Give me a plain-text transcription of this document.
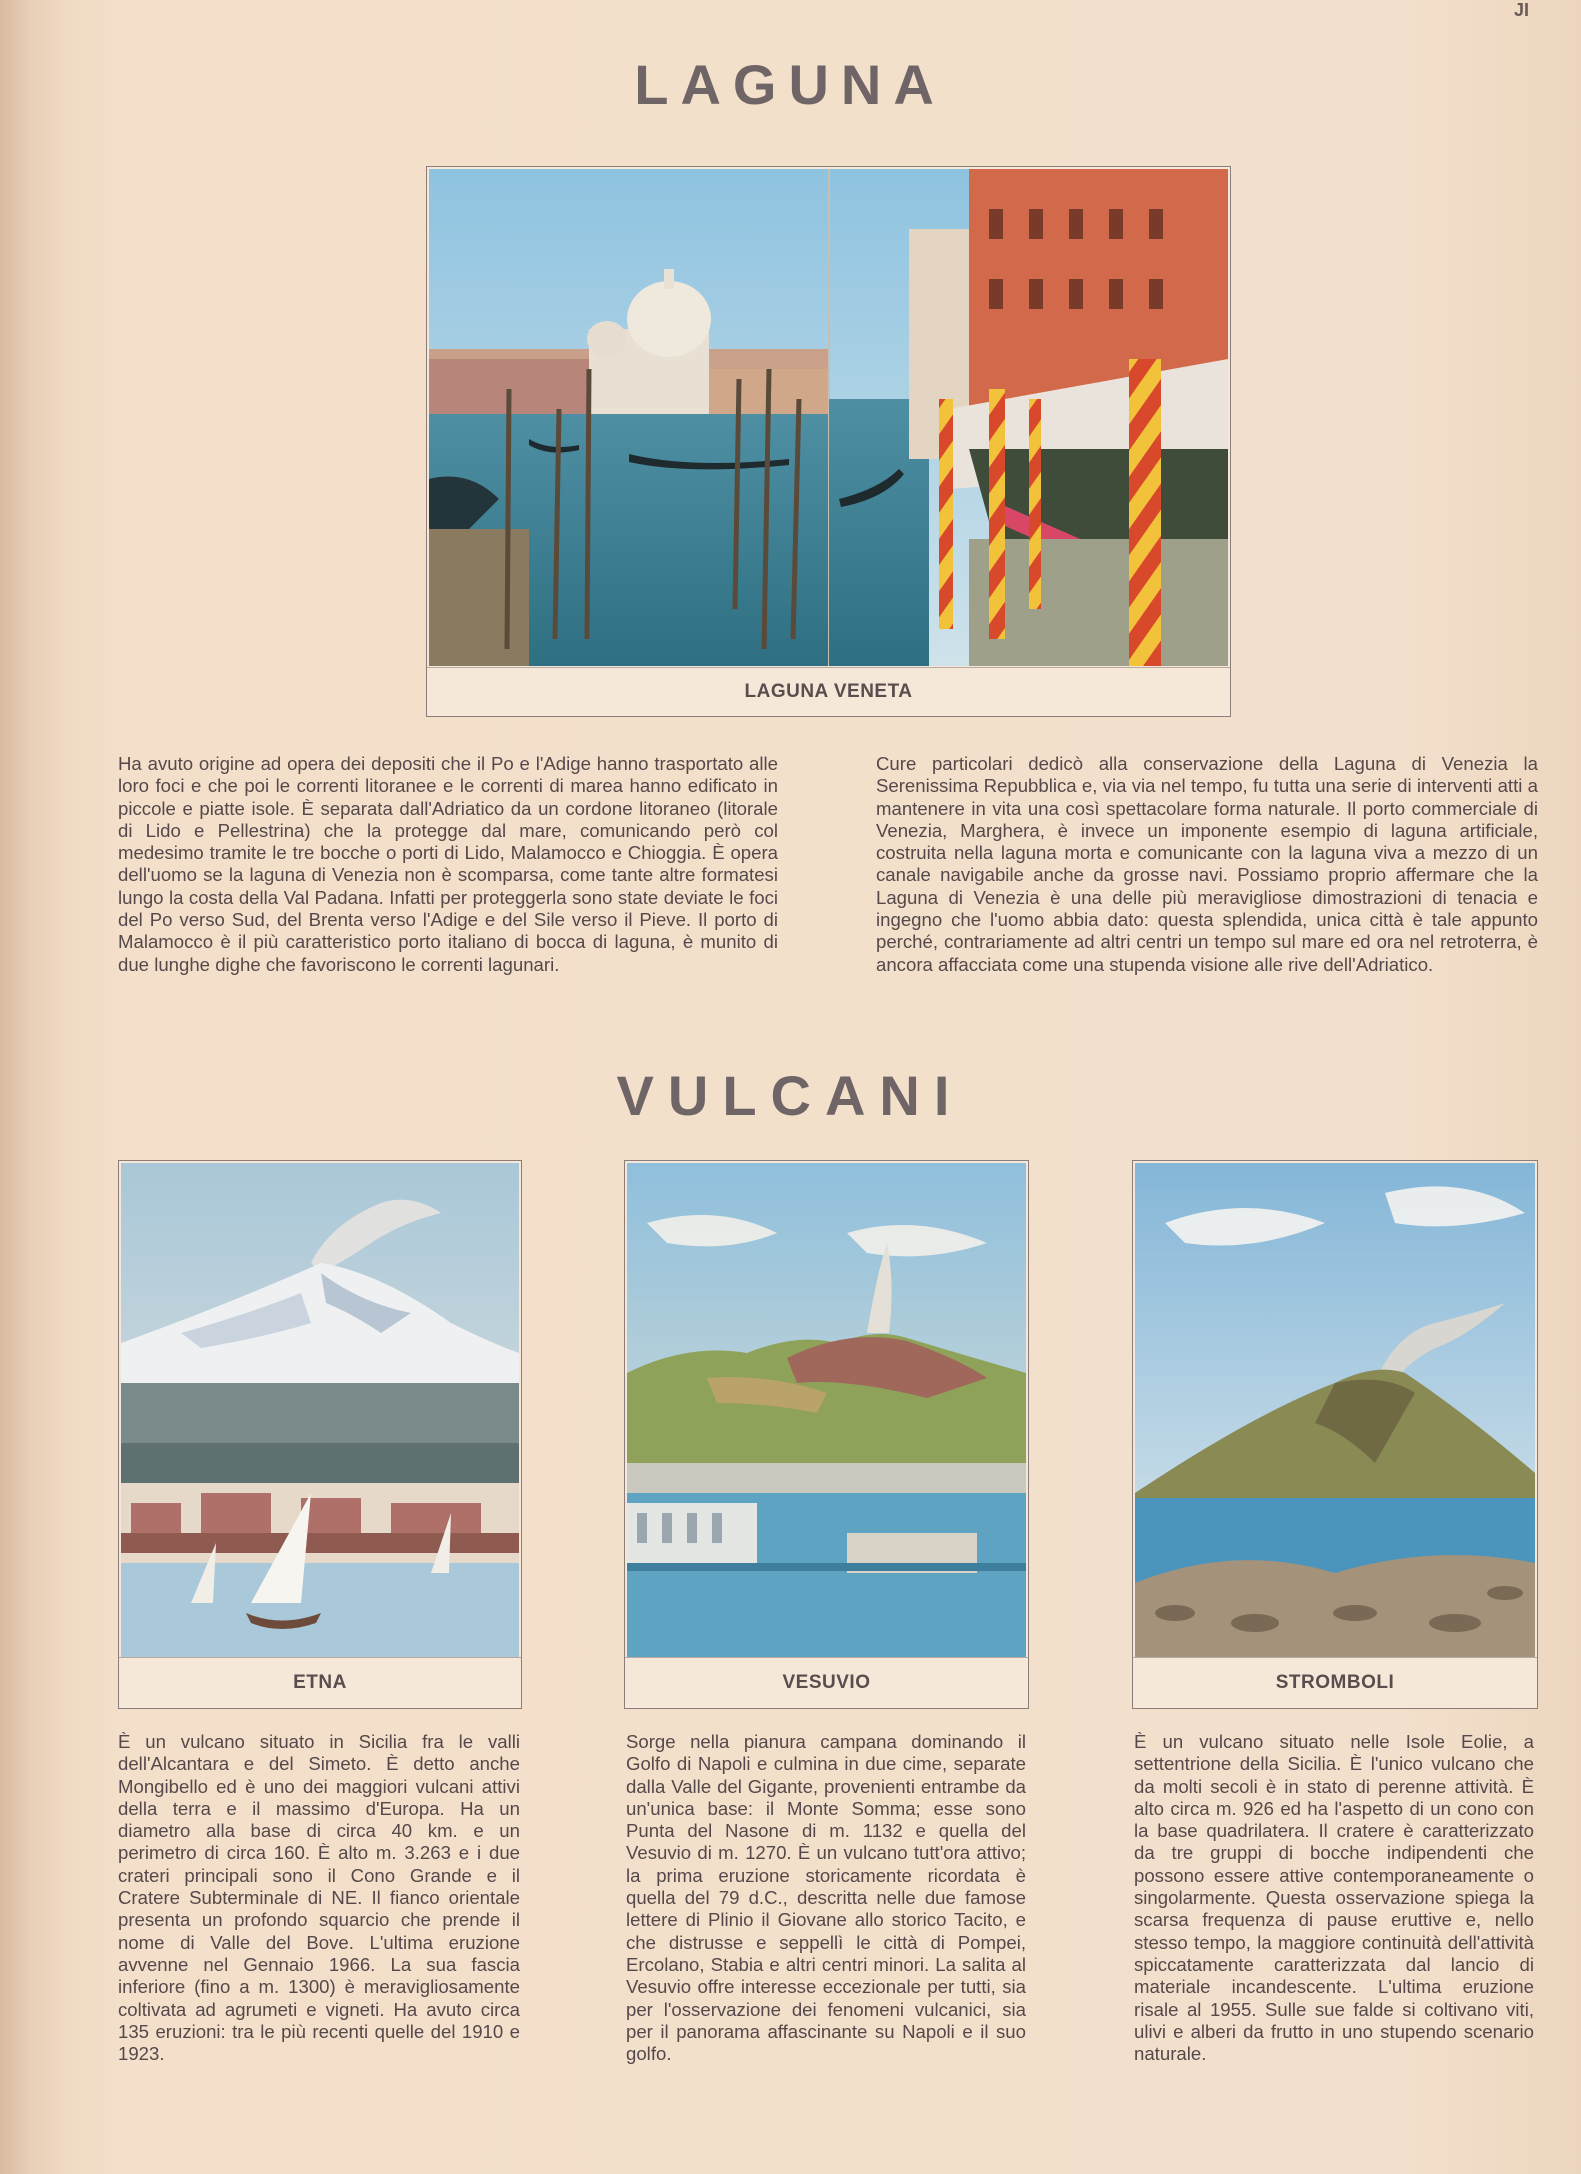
JI

LAGUNA
LAGUNA VENETA

Ha avuto origine ad opera dei depositi che il Po e l'Adige hanno trasportato alle loro foci e che poi le correnti litoranee e le correnti di marea hanno edificato in piccole e piatte isole. È separata dall'Adriatico da un cordone litoraneo (litorale di Lido e Pellestrina) che la protegge dal mare, comunicando però col medesimo tramite le tre bocche o porti di Lido, Malamocco e Chioggia. È opera dell'uomo se la laguna di Venezia non è scomparsa, come tante altre formatesi lungo la costa della Val Padana. Infatti per proteggerla sono state deviate le foci del Po verso Sud, del Brenta verso l'Adige e del Sile verso il Pieve. Il porto di Malamocco è il più caratteristico porto italiano di bocca di laguna, è munito di due lunghe dighe che favoriscono le correnti lagunari.

Cure particolari dedicò alla conservazione della Laguna di Venezia la Serenissima Repubblica e, via via nel tempo, fu tutta una serie di interventi atti a mantenere in vita una così spettacolare forma naturale. Il porto commerciale di Venezia, Marghera, è invece un imponente esempio di laguna artificiale, costruita nella laguna morta e comunicante con la laguna viva a mezzo di un canale navigabile anche da grosse navi. Possiamo proprio affermare che la Laguna di Venezia è una delle più meravigliose dimostrazioni di tenacia e ingegno che l'uomo abbia dato: questa splendida, unica città è tale appunto perché, contrariamente ad altri centri un tempo sul mare ed ora nel retroterra, è ancora affacciata come una stupenda visione alle rive dell'Adriatico.

VULCANI
ETNA	VESUVIO	STROMBOLI

È un vulcano situato in Sicilia fra le valli dell'Alcantara e del Simeto. È detto anche Mongibello ed è uno dei maggiori vulcani attivi della terra e il massimo d'Europa. Ha un diametro alla base di circa 40 km. e un perimetro di circa 160. È alto m. 3.263 e i due crateri principali sono il Cono Grande e il Cratere Subterminale di NE. Il fianco orientale presenta un profondo squarcio che prende il nome di Valle del Bove. L'ultima eruzione avvenne nel Gennaio 1966. La sua fascia inferiore (fino a m. 1300) è meravigliosamente coltivata ad agrumeti e vigneti. Ha avuto circa 135 eruzioni: tra le più recenti quelle del 1910 e 1923.

Sorge nella pianura campana dominando il Golfo di Napoli e culmina in due cime, separate dalla Valle del Gigante, provenienti entrambe da un'unica base: il Monte Somma; esse sono Punta del Nasone di m. 1132 e quella del Vesuvio di m. 1270. È un vulcano tutt'ora attivo; la prima eruzione storicamente ricordata è quella del 79 d.C., descritta nelle due famose lettere di Plinio il Giovane allo storico Tacito, e che distrusse e seppellì le città di Pompei, Ercolano, Stabia e altri centri minori. La salita al Vesuvio offre interesse eccezionale per tutti, sia per l'osservazione dei fenomeni vulcanici, sia per il panorama affascinante su Napoli e il suo golfo.

È un vulcano situato nelle Isole Eolie, a settentrione della Sicilia. È l'unico vulcano che da molti secoli è in stato di perenne attività. È alto circa m. 926 ed ha l'aspetto di un cono con la base quadrilatera. Il cratere è caratterizzato da tre gruppi di bocche indipendenti che possono essere attive contemporaneamente o singolarmente. Questa osservazione spiega la scarsa frequenza di pause eruttive e, nello stesso tempo, la maggiore continuità dell'attività spiccatamente caratterizzata dal lancio di materiale incandescente. L'ultima eruzione risale al 1955. Sulle sue falde si coltivano viti, ulivi e alberi da frutto in uno stupendo scenario naturale.
